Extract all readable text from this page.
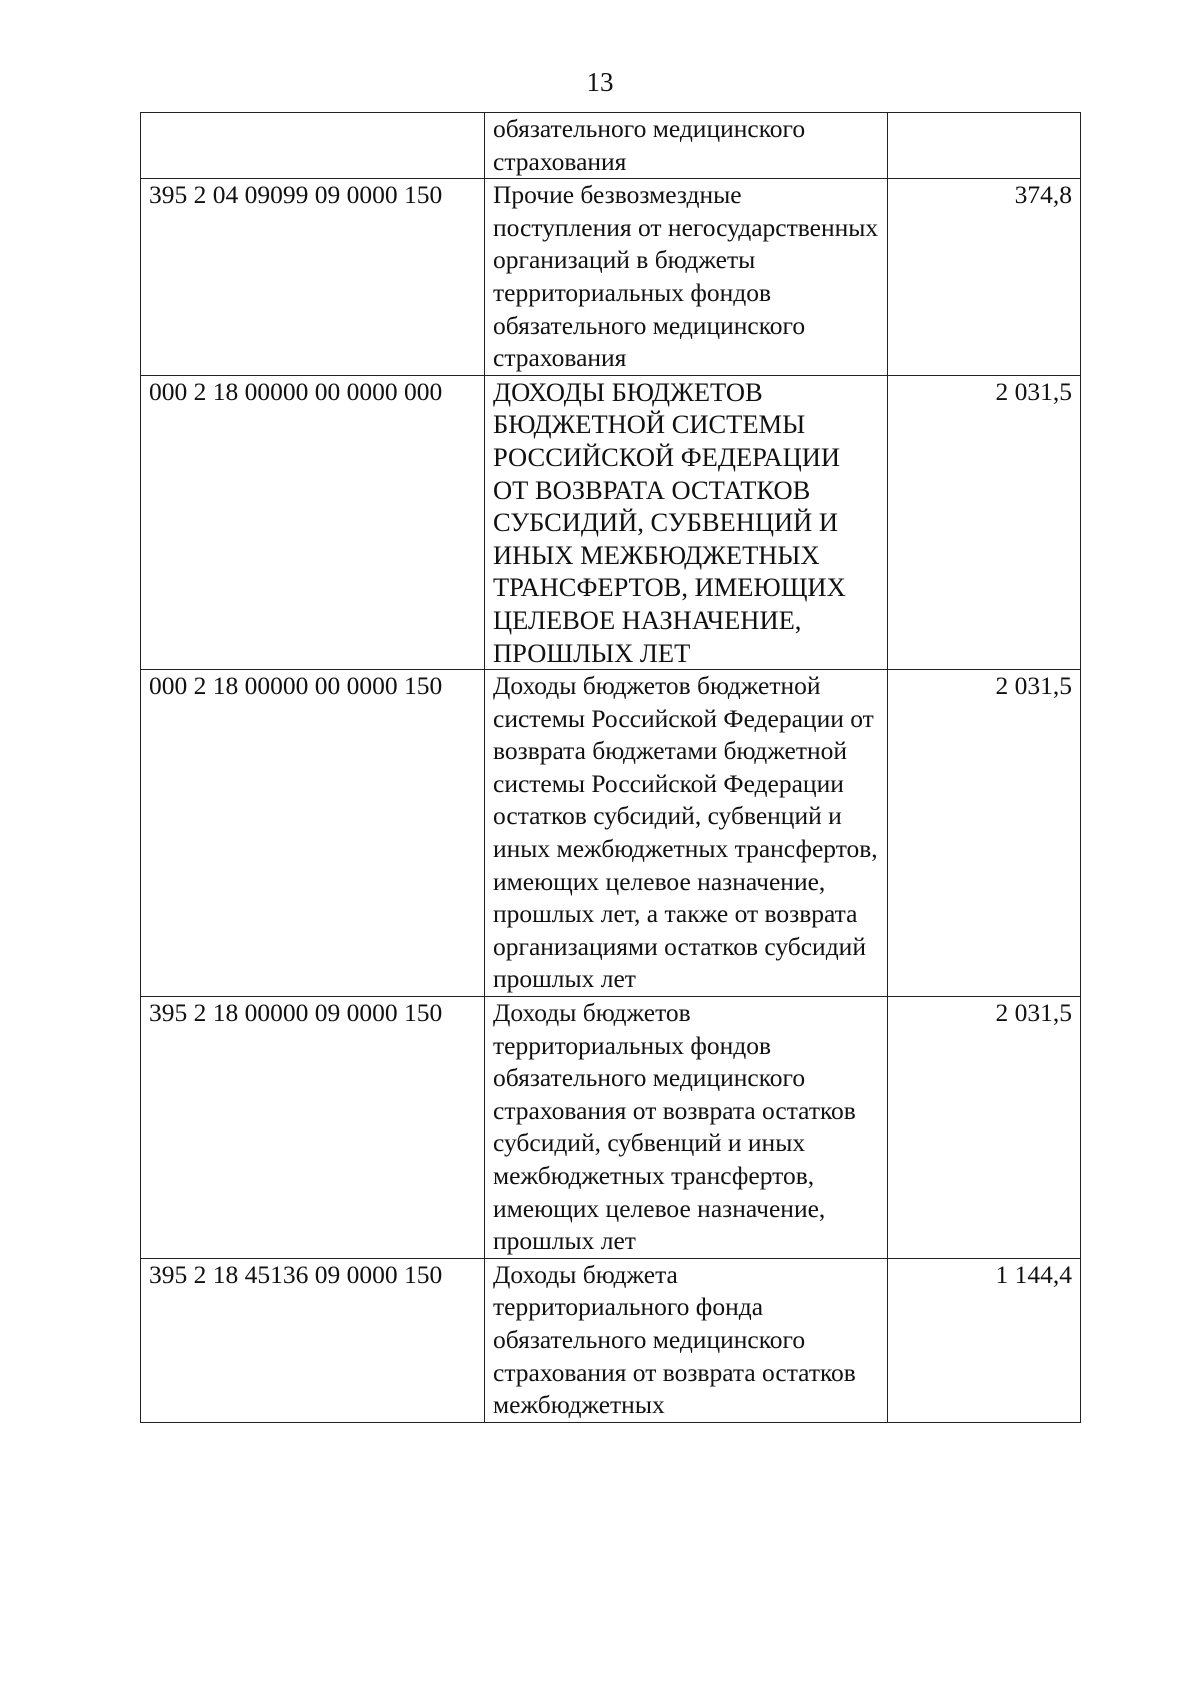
13
	обязательного медицинского страхования	
395 2 04 09099 09 0000 150	Прочие безвозмездные поступления от негосударственных организаций в бюджеты территориальных фондов обязательного медицинского страхования	374,8
000 2 18 00000 00 0000 000	ДОХОДЫ БЮДЖЕТОВ БЮДЖЕТНОЙ СИСТЕМЫ РОССИЙСКОЙ ФЕДЕРАЦИИ ОТ ВОЗВРАТА ОСТАТКОВ СУБСИДИЙ, СУБВЕНЦИЙ И ИНЫХ МЕЖБЮДЖЕТНЫХ ТРАНСФЕРТОВ, ИМЕЮЩИХ ЦЕЛЕВОЕ НАЗНАЧЕНИЕ, ПРОШЛЫХ ЛЕТ	2 031,5
000 2 18 00000 00 0000 150	Доходы бюджетов бюджетной системы Российской Федерации от возврата бюджетами бюджетной системы Российской Федерации остатков субсидий, субвенций и иных межбюджетных трансфертов, имеющих целевое назначение, прошлых лет, а также от возврата организациями остатков субсидий прошлых лет	2 031,5
395 2 18 00000 09 0000 150	Доходы бюджетов территориальных фондов обязательного медицинского страхования от возврата остатков субсидий, субвенций и иных межбюджетных трансфертов, имеющих целевое назначение, прошлых лет	2 031,5
395 2 18 45136 09 0000 150	Доходы бюджета территориального фонда обязательного медицинского страхования от возврата остатков межбюджетных	1 144,4
